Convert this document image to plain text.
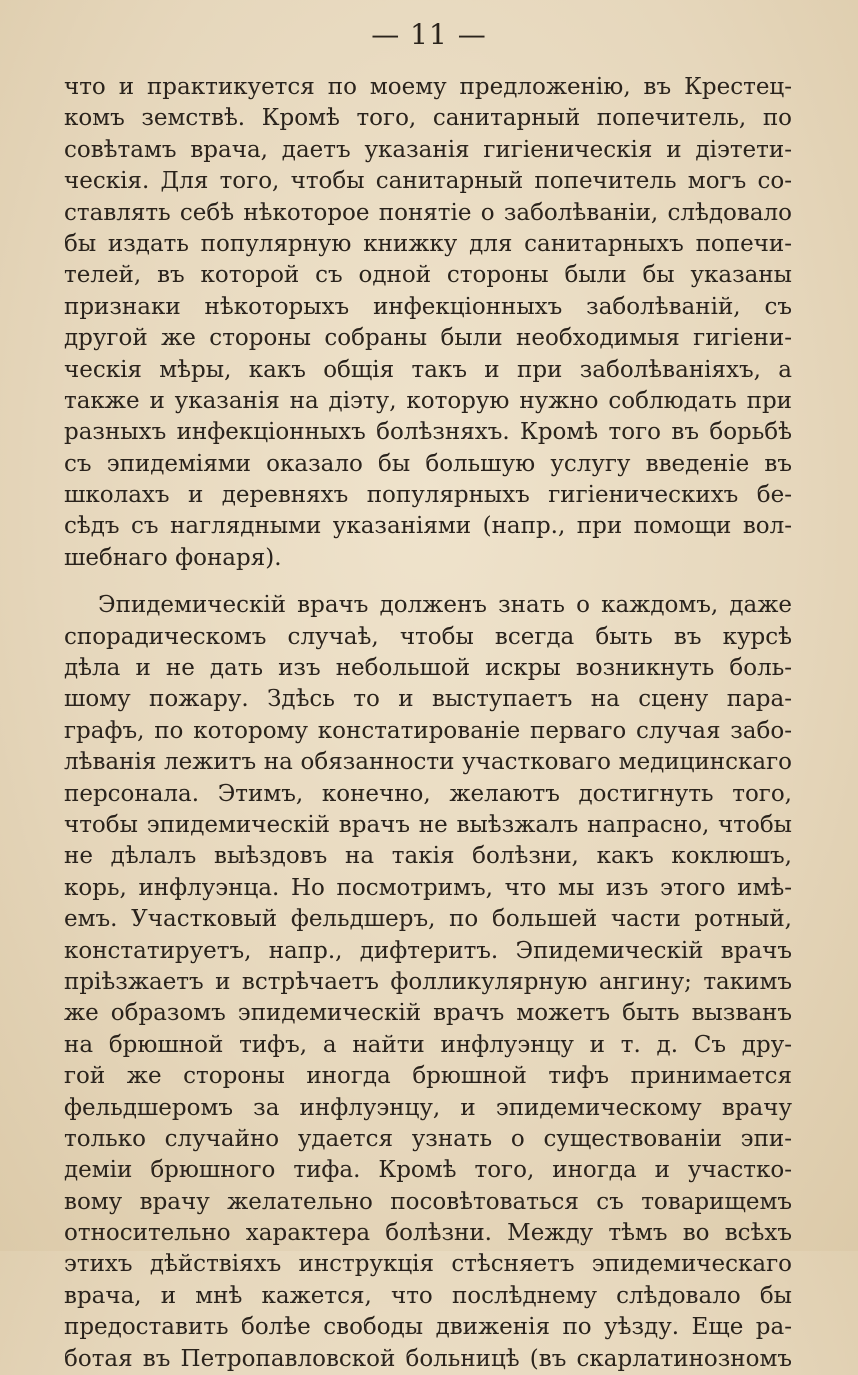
— 11 —
что и практикуется по моему предложенію, въ Крестец-
комъ земствѣ. Кромѣ того, санитарный попечитель, по
совѣтамъ врача, даетъ указанія гигіеническія и діэтети-
ческія. Для того, чтобы санитарный попечитель могъ со-
ставлять себѣ нѣкоторое понятіе о заболѣваніи, слѣдовало
бы издать популярную книжку для санитарныхъ попечи-
телей, въ которой съ одной стороны были бы указаны
признаки нѣкоторыхъ инфекціонныхъ заболѣваній, съ
другой же стороны собраны были необходимыя гигіени-
ческія мѣры, какъ общія такъ и при заболѣваніяхъ, а
также и указанія на діэту, которую нужно соблюдать при
разныхъ инфекціонныхъ болѣзняхъ. Кромѣ того въ борьбѣ
съ эпидеміями оказало бы большую услугу введеніе въ
школахъ и деревняхъ популярныхъ гигіеническихъ бе-
сѣдъ съ наглядными указаніями (напр., при помощи вол-
шебнаго фонаря).
Эпидемическій врачъ долженъ знать о каждомъ, даже
спорадическомъ случаѣ, чтобы всегда быть въ курсѣ
дѣла и не дать изъ небольшой искры возникнуть боль-
шому пожару. Здѣсь то и выступаетъ на сцену пара-
графъ, по которому констатированіе перваго случая забо-
лѣванія лежитъ на обязанности участковаго медицинскаго
персонала. Этимъ, конечно, желаютъ достигнуть того,
чтобы эпидемическій врачъ не выѣзжалъ напрасно, чтобы
не дѣлалъ выѣздовъ на такія болѣзни, какъ коклюшъ,
корь, инфлуэнца. Но посмотримъ, что мы изъ этого имѣ-
емъ. Участковый фельдшеръ, по большей части ротный,
констатируетъ, напр., дифтеритъ. Эпидемическій врачъ
пріѣзжаетъ и встрѣчаетъ фолликулярную ангину; такимъ
же образомъ эпидемическій врачъ можетъ быть вызванъ
на брюшной тифъ, а найти инфлуэнцу и т. д. Съ дру-
гой же стороны иногда брюшной тифъ принимается
фельдшеромъ за инфлуэнцу, и эпидемическому врачу
только случайно удается узнать о существованіи эпи-
деміи брюшного тифа. Кромѣ того, иногда и участко-
вому врачу желательно посовѣтоваться съ товарищемъ
относительно характера болѣзни. Между тѣмъ во всѣхъ
этихъ дѣйствіяхъ инструкція стѣсняетъ эпидемическаго
врача, и мнѣ кажется, что послѣднему слѣдовало бы
предоставить болѣе свободы движенія по уѣзду. Еще ра-
ботая въ Петропавловской больницѣ (въ скарлатинозномъ
